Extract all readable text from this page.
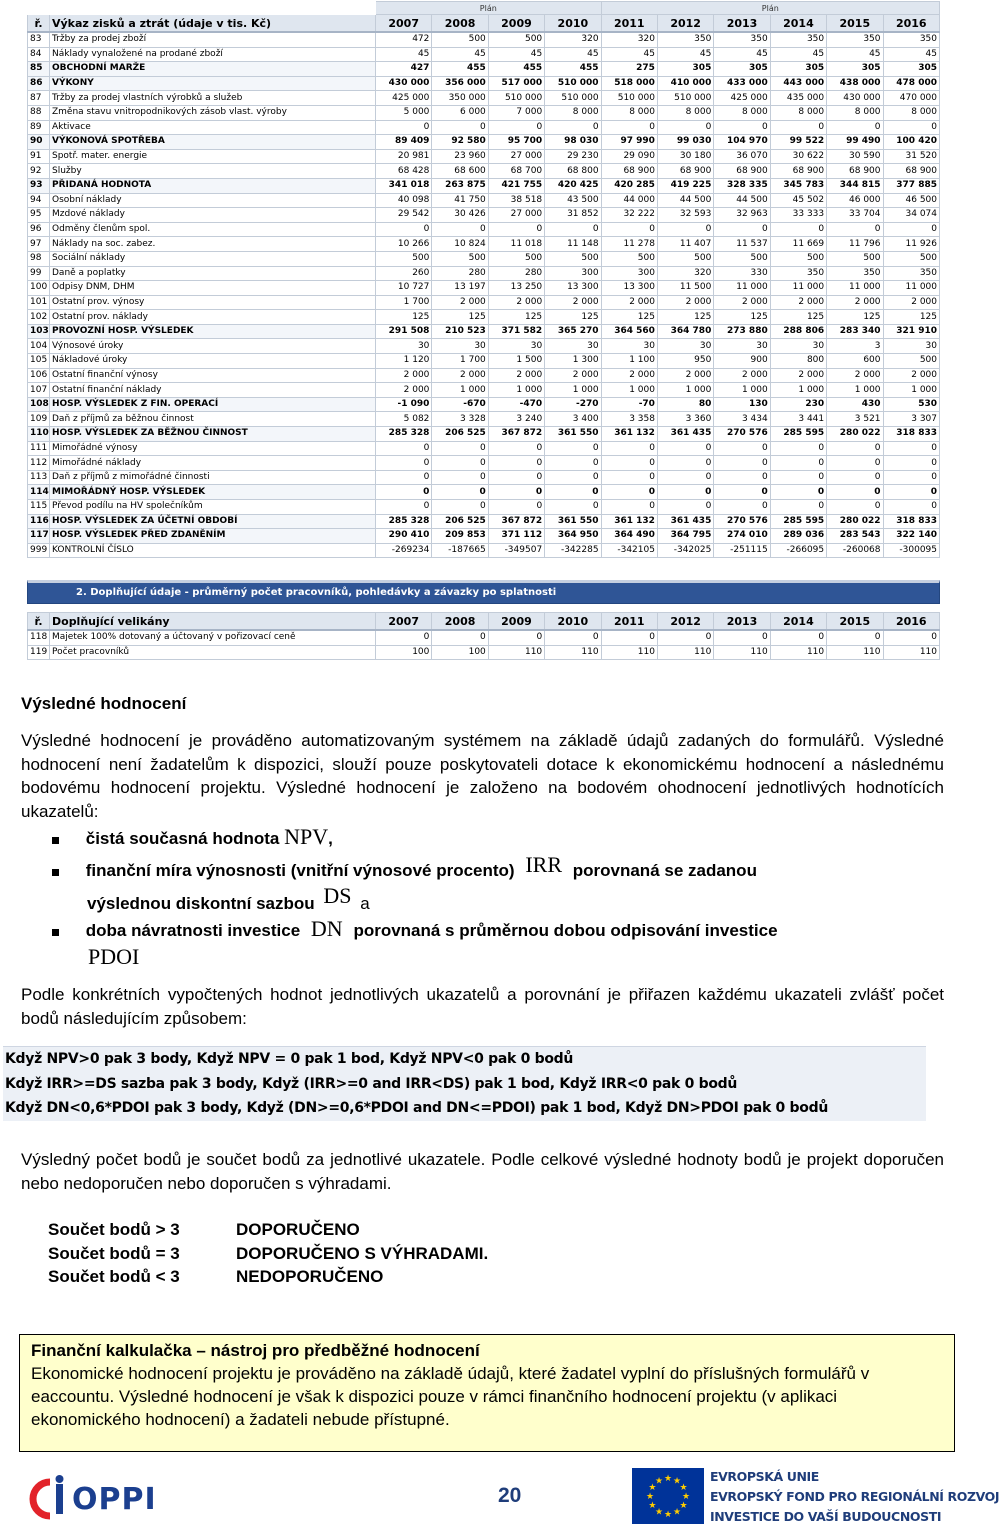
		Plán				Plán					
ř.	Výkaz zisků a ztrát (údaje v tis. Kč)	2007	2008	2009	2010	2011	2012	2013	2014	2015	2016
83	Tržby za prodej zboží	472	500	500	320	320	350	350	350	350	350
84	Náklady vynaložené na prodané zboží	45	45	45	45	45	45	45	45	45	45
85	OBCHODNÍ MARŽE	427	455	455	455	275	305	305	305	305	305
86	VÝKONY	430 000	356 000	517 000	510 000	518 000	410 000	433 000	443 000	438 000	478 000
87	Tržby za prodej vlastních výrobků a služeb	425 000	350 000	510 000	510 000	510 000	510 000	425 000	435 000	430 000	470 000
88	Změna stavu vnitropodnikových zásob vlast. výroby	5 000	6 000	7 000	8 000	8 000	8 000	8 000	8 000	8 000	8 000
89	Aktivace	0	0	0	0	0	0	0	0	0	0
90	VÝKONOVÁ SPOTŘEBA	89 409	92 580	95 700	98 030	97 990	99 030	104 970	99 522	99 490	100 420
91	Spotř. mater. energie	20 981	23 960	27 000	29 230	29 090	30 180	36 070	30 622	30 590	31 520
92	Služby	68 428	68 600	68 700	68 800	68 900	68 900	68 900	68 900	68 900	68 900
93	PŘIDANÁ HODNOTA	341 018	263 875	421 755	420 425	420 285	419 225	328 335	345 783	344 815	377 885
94	Osobní náklady	40 098	41 750	38 518	43 500	44 000	44 500	44 500	45 502	46 000	46 500
95	Mzdové náklady	29 542	30 426	27 000	31 852	32 222	32 593	32 963	33 333	33 704	34 074
96	Odměny členům spol.	0	0	0	0	0	0	0	0	0	0
97	Náklady na soc. zabez.	10 266	10 824	11 018	11 148	11 278	11 407	11 537	11 669	11 796	11 926
98	Sociální náklady	500	500	500	500	500	500	500	500	500	500
99	Daně a poplatky	260	280	280	300	300	320	330	350	350	350
100	Odpisy DNM, DHM	10 727	13 197	13 250	13 300	13 300	11 500	11 000	11 000	11 000	11 000
101	Ostatní prov. výnosy	1 700	2 000	2 000	2 000	2 000	2 000	2 000	2 000	2 000	2 000
102	Ostatní prov. náklady	125	125	125	125	125	125	125	125	125	125
103	PROVOZNÍ HOSP. VÝSLEDEK	291 508	210 523	371 582	365 270	364 560	364 780	273 880	288 806	283 340	321 910
104	Výnosové úroky	30	30	30	30	30	30	30	30	3	30
105	Nákladové úroky	1 120	1 700	1 500	1 300	1 100	950	900	800	600	500
106	Ostatní finanční výnosy	2 000	2 000	2 000	2 000	2 000	2 000	2 000	2 000	2 000	2 000
107	Ostatní finanční náklady	2 000	1 000	1 000	1 000	1 000	1 000	1 000	1 000	1 000	1 000
108	HOSP. VÝSLEDEK Z FIN. OPERACÍ	-1 090	-670	-470	-270	-70	80	130	230	430	530
109	Daň z příjmů za běžnou činnost	5 082	3 328	3 240	3 400	3 358	3 360	3 434	3 441	3 521	3 307
110	HOSP. VÝSLEDEK ZA BĚŽNOU ČINNOST	285 328	206 525	367 872	361 550	361 132	361 435	270 576	285 595	280 022	318 833
111	Mimořádné výnosy	0	0	0	0	0	0	0	0	0	0
112	Mimořádné náklady	0	0	0	0	0	0	0	0	0	0
113	Daň z příjmů z mimořádné činnosti	0	0	0	0	0	0	0	0	0	0
114	MIMOŘÁDNÝ HOSP. VÝSLEDEK	0	0	0	0	0	0	0	0	0	0
115	Převod podílu na HV společníkům	0	0	0	0	0	0	0	0	0	0
116	HOSP. VÝSLEDEK ZA ÚČETNÍ OBDOBÍ	285 328	206 525	367 872	361 550	361 132	361 435	270 576	285 595	280 022	318 833
117	HOSP. VÝSLEDEK PŘED ZDANĚNÍM	290 410	209 853	371 112	364 950	364 490	364 795	274 010	289 036	283 543	322 140
999	KONTROLNÍ ČÍSLO	-269234	-187665	-349507	-342285	-342105	-342025	-251115	-266095	-260068	-300095
2. Doplňující údaje - průměrný počet pracovníků, pohledávky a závazky po splatnosti
ř.	Doplňující velikány	2007	2008	2009	2010	2011	2012	2013	2014	2015	2016
118	Majetek 100% dotovaný a účtovaný v pořizovací ceně	0	0	0	0	0	0	0	0	0	0
119	Počet pracovníků	100	100	110	110	110	110	110	110	110	110
Výsledné hodnocení
Výsledné hodnocení je prováděno automatizovaným systémem na základě údajů zadaných do formulářů. Výsledné hodnocení není žadatelům k dispozici, slouží pouze poskytovateli dotace k ekonomickému hodnocení a následnému bodovému hodnocení projektu. Výsledné hodnocení je založeno na bodovém ohodnocení jednotlivých hodnotících ukazatelů:
čistá současná hodnota NPV,
finanční míra výnosnosti (vnitřní výnosové procento) IRR porovnaná se zadanou
výslednou diskontní sazbou DS a
doba návratnosti investice DN porovnaná s průměrnou dobou odpisování investice
PDOI
Podle konkrétních vypočtených hodnot jednotlivých ukazatelů a porovnání je přiřazen každému ukazateli zvlášť počet bodů následujícím způsobem:
Když NPV>0 pak 3 body, Když NPV = 0 pak 1 bod, Když NPV<0 pak 0 bodů
Když IRR>=DS sazba pak 3 body, Když (IRR>=0 and IRR<DS) pak 1 bod, Když IRR<0 pak 0 bodů
Když DN<0,6*PDOI pak 3 body, Když (DN>=0,6*PDOI and DN<=PDOI) pak 1 bod, Když DN>PDOI pak 0 bodů
Výsledný počet bodů je součet bodů za jednotlivé ukazatele. Podle celkové výsledné hodnoty bodů je projekt doporučen nebo nedoporučen nebo doporučen s výhradami.
Součet bodů > 3	DOPORUČENO
Součet bodů = 3	DOPORUČENO S VÝHRADAMI.
Součet bodů < 3	NEDOPORUČENO
Finanční kalkulačka – nástroj pro předběžné hodnocení
Ekonomické hodnocení projektu je prováděno na základě údajů, které žadatel vyplní do příslušných formulářů v eaccountu. Výsledné hodnocení je však k dispozici pouze v rámci finančního hodnocení projektu (v aplikaci ekonomického hodnocení) a žadateli nebude přístupné.
OPPI	20
★ ★
★
★
★
★
★
★
★
★
★
★	EVROPSKÁ UNIE
EVROPSKÝ FOND PRO REGIONÁLNÍ ROZVOJ
INVESTICE DO VAŠÍ BUDOUCNOSTI
